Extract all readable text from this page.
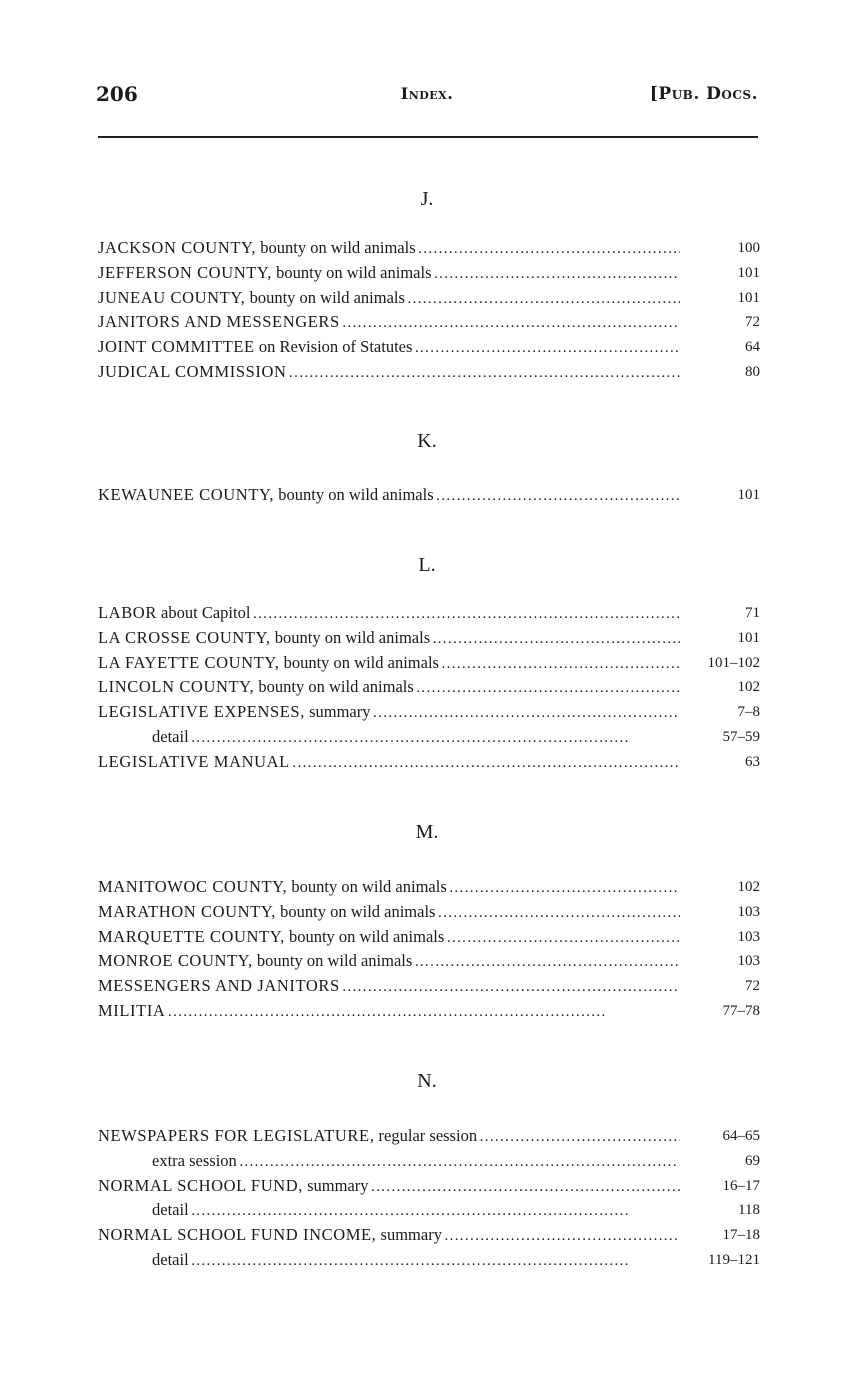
206	Index.	[Pub. Docs.
J.
JACKSON COUNTY, bounty on wild animals . . .	100
JEFFERSON COUNTY, bounty on wild animals . . .	101
JUNEAU COUNTY, bounty on wild animals . . .	101
JANITORS AND MESSENGERS . . .	72
JOINT COMMITTEE on Revision of Statutes . . .	64
JUDICAL COMMISSION . . .	80
K.
KEWAUNEE COUNTY, bounty on wild animals . . .	101
L.
LABOR about Capitol . . .	71
LA CROSSE COUNTY, bounty on wild animals . . .	101
LA FAYETTE COUNTY, bounty on wild animals . . .	101–102
LINCOLN COUNTY, bounty on wild animals . . .	102
LEGISLATIVE EXPENSES, summary . . .	7–8
detail . . .	57–59
LEGISLATIVE MANUAL . . .	63
M.
MANITOWOC COUNTY, bounty on wild animals . . .	102
MARATHON COUNTY, bounty on wild animals . . .	103
MARQUETTE COUNTY, bounty on wild animals . . .	103
MONROE COUNTY, bounty on wild animals . . .	103
MESSENGERS AND JANITORS . . .	72
MILITIA . . .	77–78
N.
NEWSPAPERS FOR LEGISLATURE, regular session . . .	64–65
extra session . . .	69
NORMAL SCHOOL FUND, summary . . .	16–17
detail . . .	118
NORMAL SCHOOL FUND INCOME, summary . . .	17–18
detail . . .	119–121
